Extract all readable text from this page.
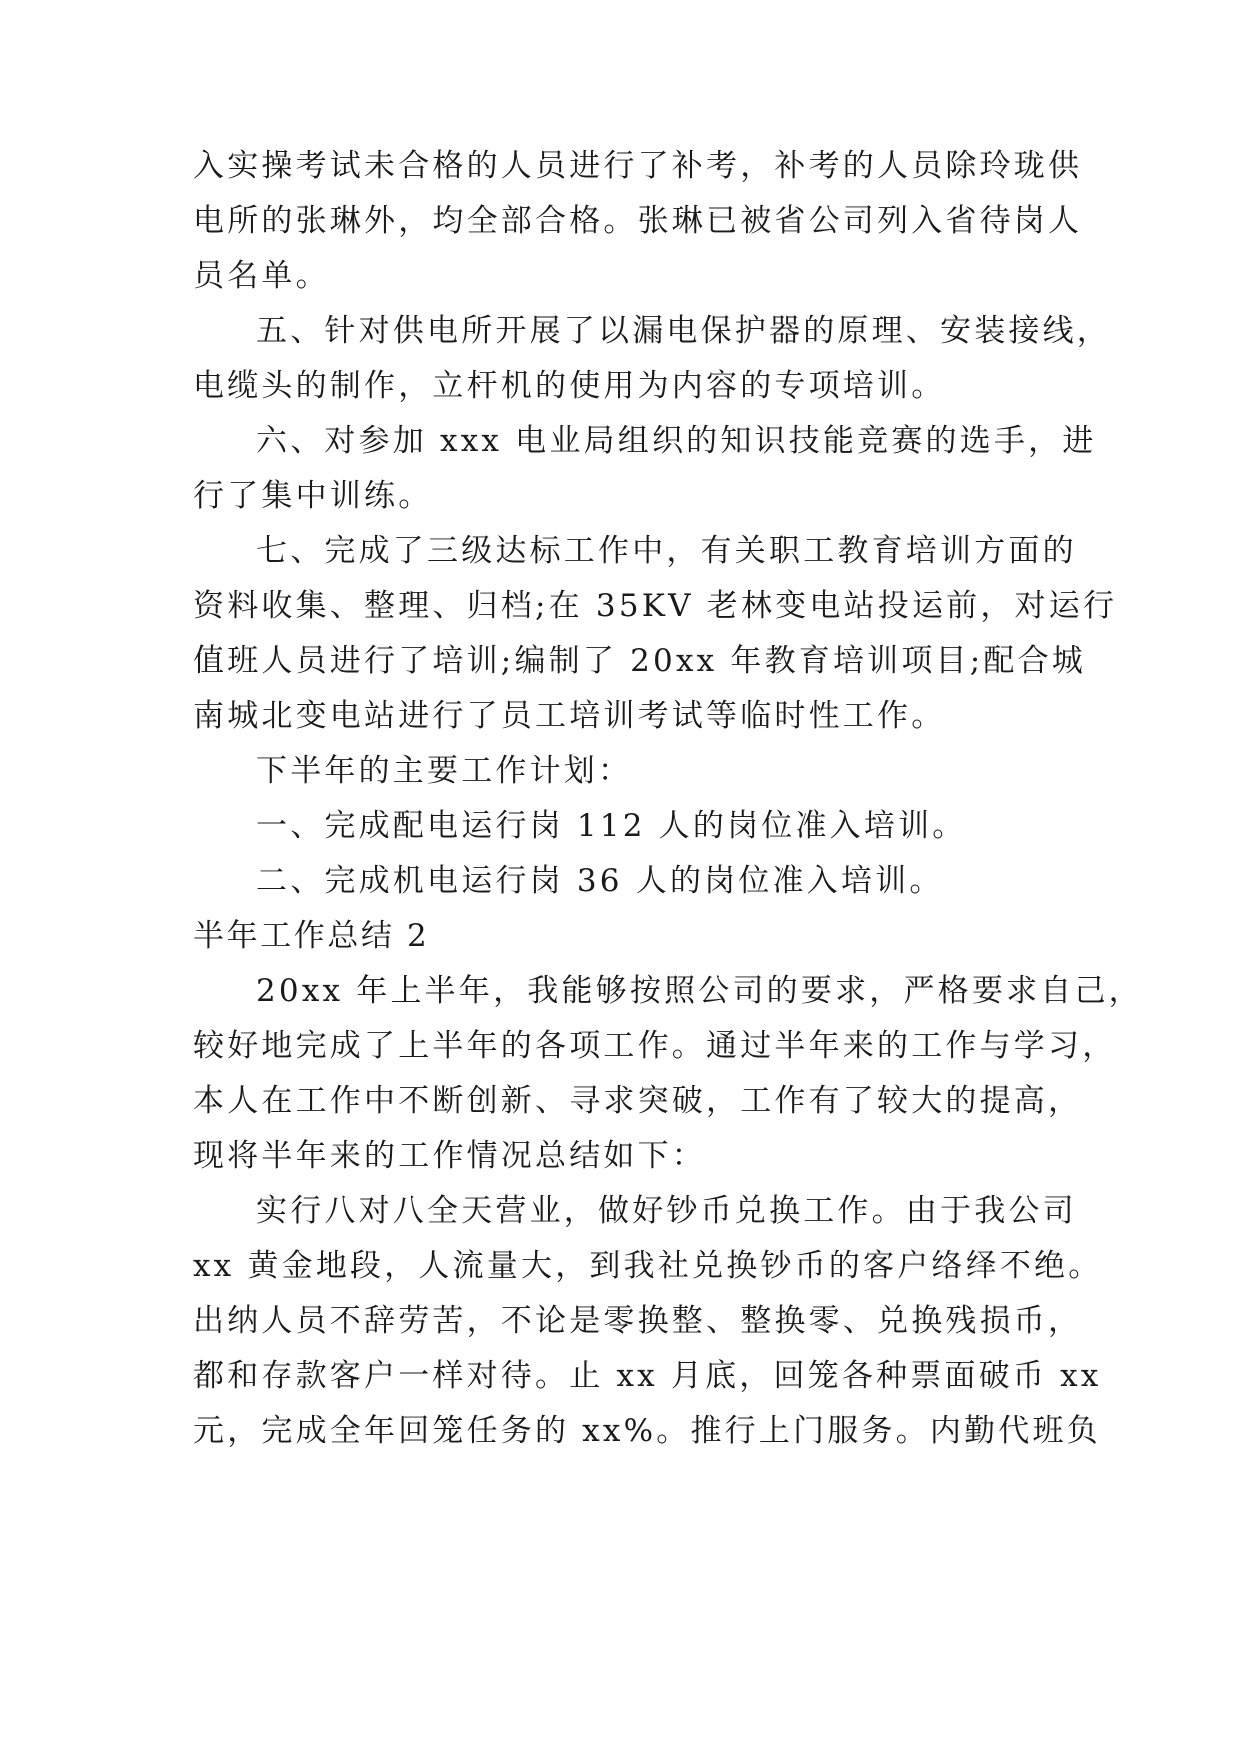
入实操考试未合格的人员进行了补考，补考的人员除玲珑供
电所的张琳外，均全部合格。张琳已被省公司列入省待岗人
员名单。
五、针对供电所开展了以漏电保护器的原理、安装接线，
电缆头的制作，立杆机的使用为内容的专项培训。
六、对参加 xxx 电业局组织的知识技能竞赛的选手，进
行了集中训练。
七、完成了三级达标工作中，有关职工教育培训方面的
资料收集、整理、归档;在 35KV 老林变电站投运前，对运行
值班人员进行了培训;编制了 20xx 年教育培训项目;配合城
南城北变电站进行了员工培训考试等临时性工作。
下半年的主要工作计划：
一、完成配电运行岗 112 人的岗位准入培训。
二、完成机电运行岗 36 人的岗位准入培训。
半年工作总结 2
20xx 年上半年，我能够按照公司的要求，严格要求自己，
较好地完成了上半年的各项工作。通过半年来的工作与学习，
本人在工作中不断创新、寻求突破，工作有了较大的提高，
现将半年来的工作情况总结如下：
实行八对八全天营业，做好钞币兑换工作。由于我公司
xx 黄金地段，人流量大，到我社兑换钞币的客户络绎不绝。
出纳人员不辞劳苦，不论是零换整、整换零、兑换残损币，
都和存款客户一样对待。止 xx 月底，回笼各种票面破币 xx
元，完成全年回笼任务的 xx%。推行上门服务。内勤代班负
